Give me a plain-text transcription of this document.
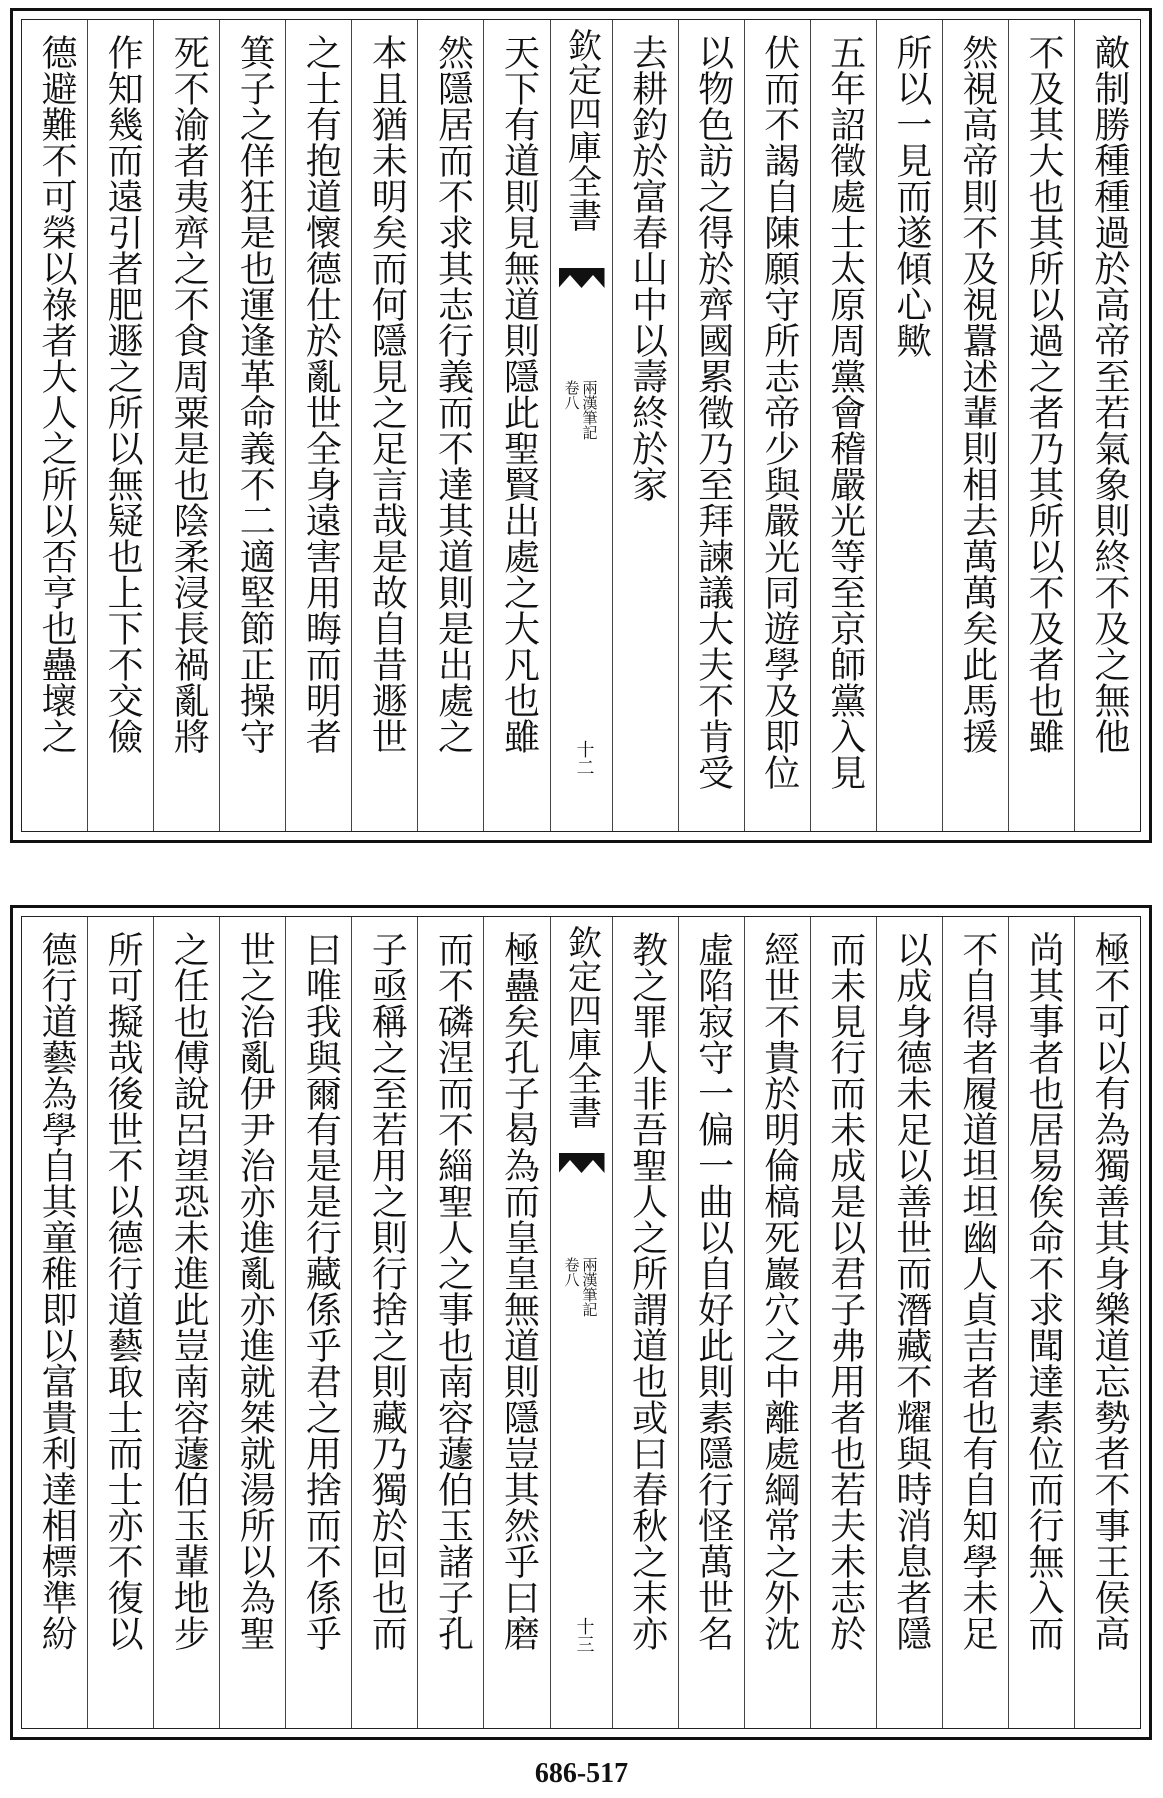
敵制勝種種過於高帝至若氣象則終不及之無他
不及其大也其所以過之者乃其所以不及者也雖
然視高帝則不及視囂述輩則相去萬萬矣此馬援
所以一見而遂傾心歟
五年詔徵處士太原周黨會稽嚴光等至京師黨入見
伏而不謁自陳願守所志帝少與嚴光同遊學及即位
以物色訪之得於齊國累徵乃至拜諫議大夫不肯受
去耕釣於富春山中以壽終於家
欽定四庫全書
兩漢筆記
卷八
十二
天下有道則見無道則隱此聖賢出處之大凡也雖
然隱居而不求其志行義而不達其道則是出處之
本且猶未明矣而何隱見之足言哉是故自昔遯世
之士有抱道懷德仕於亂世全身遠害用晦而明者
箕子之佯狂是也運逢革命義不二適堅節正操守
死不渝者夷齊之不食周粟是也陰柔浸長禍亂將
作知幾而遠引者肥遯之所以無疑也上下不交儉
德避難不可榮以祿者大人之所以否亨也蠱壞之
極不可以有為獨善其身樂道忘勢者不事王侯高
尚其事者也居易俟命不求聞達素位而行無入而
不自得者履道坦坦幽人貞吉者也有自知學未足
以成身德未足以善世而潛藏不耀與時消息者隱
而未見行而未成是以君子弗用者也若夫未志於
經世不貴於明倫槁死巖穴之中離處綱常之外沈
虛陷寂守一偏一曲以自好此則素隱行怪萬世名
教之罪人非吾聖人之所謂道也或曰春秋之末亦
欽定四庫全書
兩漢筆記
卷八
十三
極蠱矣孔子曷為而皇皇無道則隱豈其然乎曰磨
而不磷涅而不緇聖人之事也南容蘧伯玉諸子孔
子亟稱之至若用之則行捨之則藏乃獨於回也而
曰唯我與爾有是是行藏係乎君之用捨而不係乎
世之治亂伊尹治亦進亂亦進就桀就湯所以為聖
之任也傅說呂望恐未進此豈南容蘧伯玉輩地步
所可擬哉後世不以德行道藝取士而士亦不復以
德行道藝為學自其童稚即以富貴利達相標準紛
686-517
